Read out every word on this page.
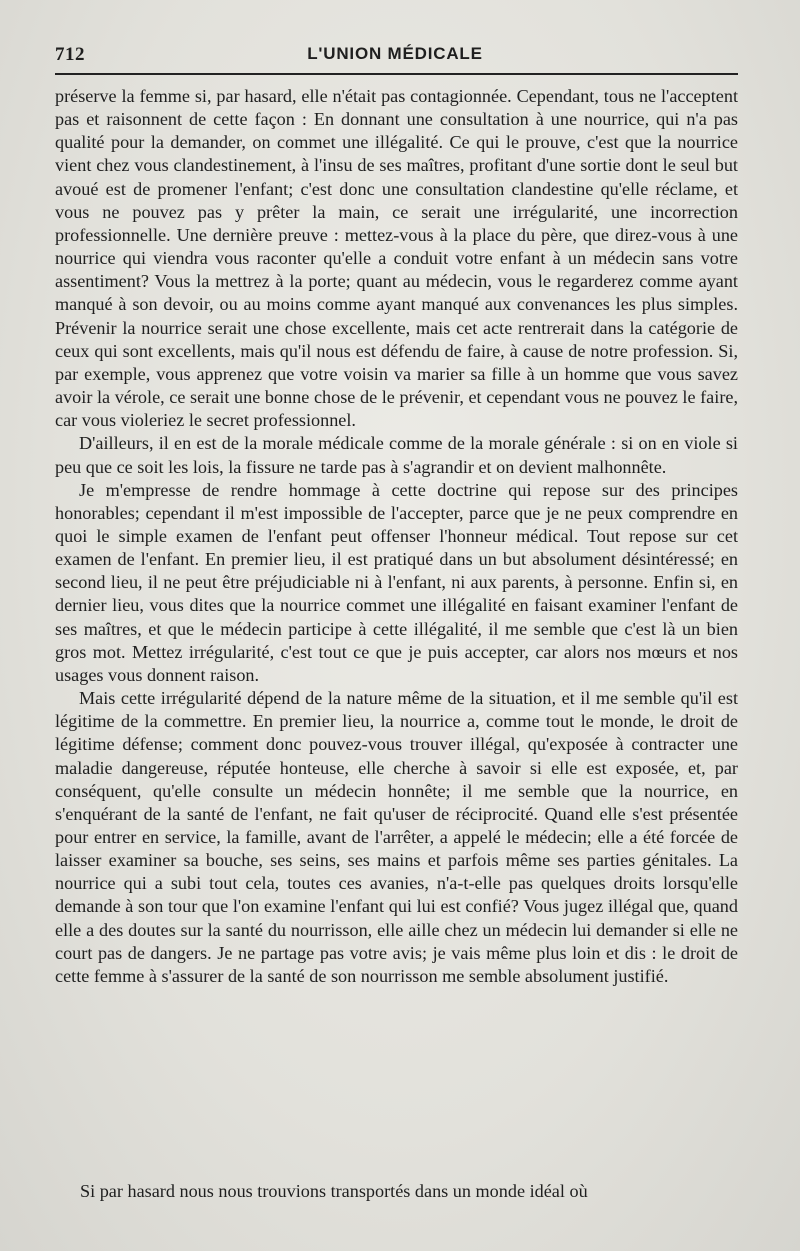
712	L'UNION MÉDICALE

préserve la femme si, par hasard, elle n'était pas contagionnée. Cependant, tous ne l'acceptent pas et raisonnent de cette façon : En donnant une consultation à une nourrice, qui n'a pas qualité pour la demander, on commet une illégalité. Ce qui le prouve, c'est que la nourrice vient chez vous clandestinement, à l'insu de ses maîtres, profitant d'une sortie dont le seul but avoué est de promener l'enfant; c'est donc une consultation clandestine qu'elle réclame, et vous ne pouvez pas y prêter la main, ce serait une irrégularité, une incorrection professionnelle. Une dernière preuve : mettez-vous à la place du père, que direz-vous à une nourrice qui viendra vous raconter qu'elle a conduit votre enfant à un médecin sans votre assentiment? Vous la mettrez à la porte; quant au médecin, vous le regarderez comme ayant manqué à son devoir, ou au moins comme ayant manqué aux convenances les plus simples. Prévenir la nourrice serait une chose excellente, mais cet acte rentrerait dans la catégorie de ceux qui sont excellents, mais qu'il nous est défendu de faire, à cause de notre profession. Si, par exemple, vous apprenez que votre voisin va marier sa fille à un homme que vous savez avoir la vérole, ce serait une bonne chose de le prévenir, et cependant vous ne pouvez le faire, car vous violeriez le secret professionnel.

D'ailleurs, il en est de la morale médicale comme de la morale générale : si on en viole si peu que ce soit les lois, la fissure ne tarde pas à s'agrandir et on devient malhonnête.

Je m'empresse de rendre hommage à cette doctrine qui repose sur des principes honorables; cependant il m'est impossible de l'accepter, parce que je ne peux comprendre en quoi le simple examen de l'enfant peut offenser l'honneur médical. Tout repose sur cet examen de l'enfant. En premier lieu, il est pratiqué dans un but absolument désintéressé; en second lieu, il ne peut être préjudiciable ni à l'enfant, ni aux parents, à personne. Enfin si, en dernier lieu, vous dites que la nourrice commet une illégalité en faisant examiner l'enfant de ses maîtres, et que le médecin participe à cette illégalité, il me semble que c'est là un bien gros mot. Mettez irrégularité, c'est tout ce que je puis accepter, car alors nos mœurs et nos usages vous donnent raison.

Mais cette irrégularité dépend de la nature même de la situation, et il me semble qu'il est légitime de la commettre. En premier lieu, la nourrice a, comme tout le monde, le droit de légitime défense; comment donc pouvez-vous trouver illégal, qu'exposée à contracter une maladie dangereuse, réputée honteuse, elle cherche à savoir si elle est exposée, et, par conséquent, qu'elle consulte un médecin honnête; il me semble que la nourrice, en s'enquérant de la santé de l'enfant, ne fait qu'user de réciprocité. Quand elle s'est présentée pour entrer en service, la famille, avant de l'arrêter, a appelé le médecin; elle a été forcée de laisser examiner sa bouche, ses seins, ses mains et parfois même ses parties génitales. La nourrice qui a subi tout cela, toutes ces avanies, n'a-t-elle pas quelques droits lorsqu'elle demande à son tour que l'on examine l'enfant qui lui est confié? Vous jugez illégal que, quand elle a des doutes sur la santé du nourrisson, elle aille chez un médecin lui demander si elle ne court pas de dangers. Je ne partage pas votre avis; je vais même plus loin et dis : le droit de cette femme à s'assurer de la santé de son nourrisson me semble absolument justifié.

Si par hasard nous nous trouvions transportés dans un monde idéal où
